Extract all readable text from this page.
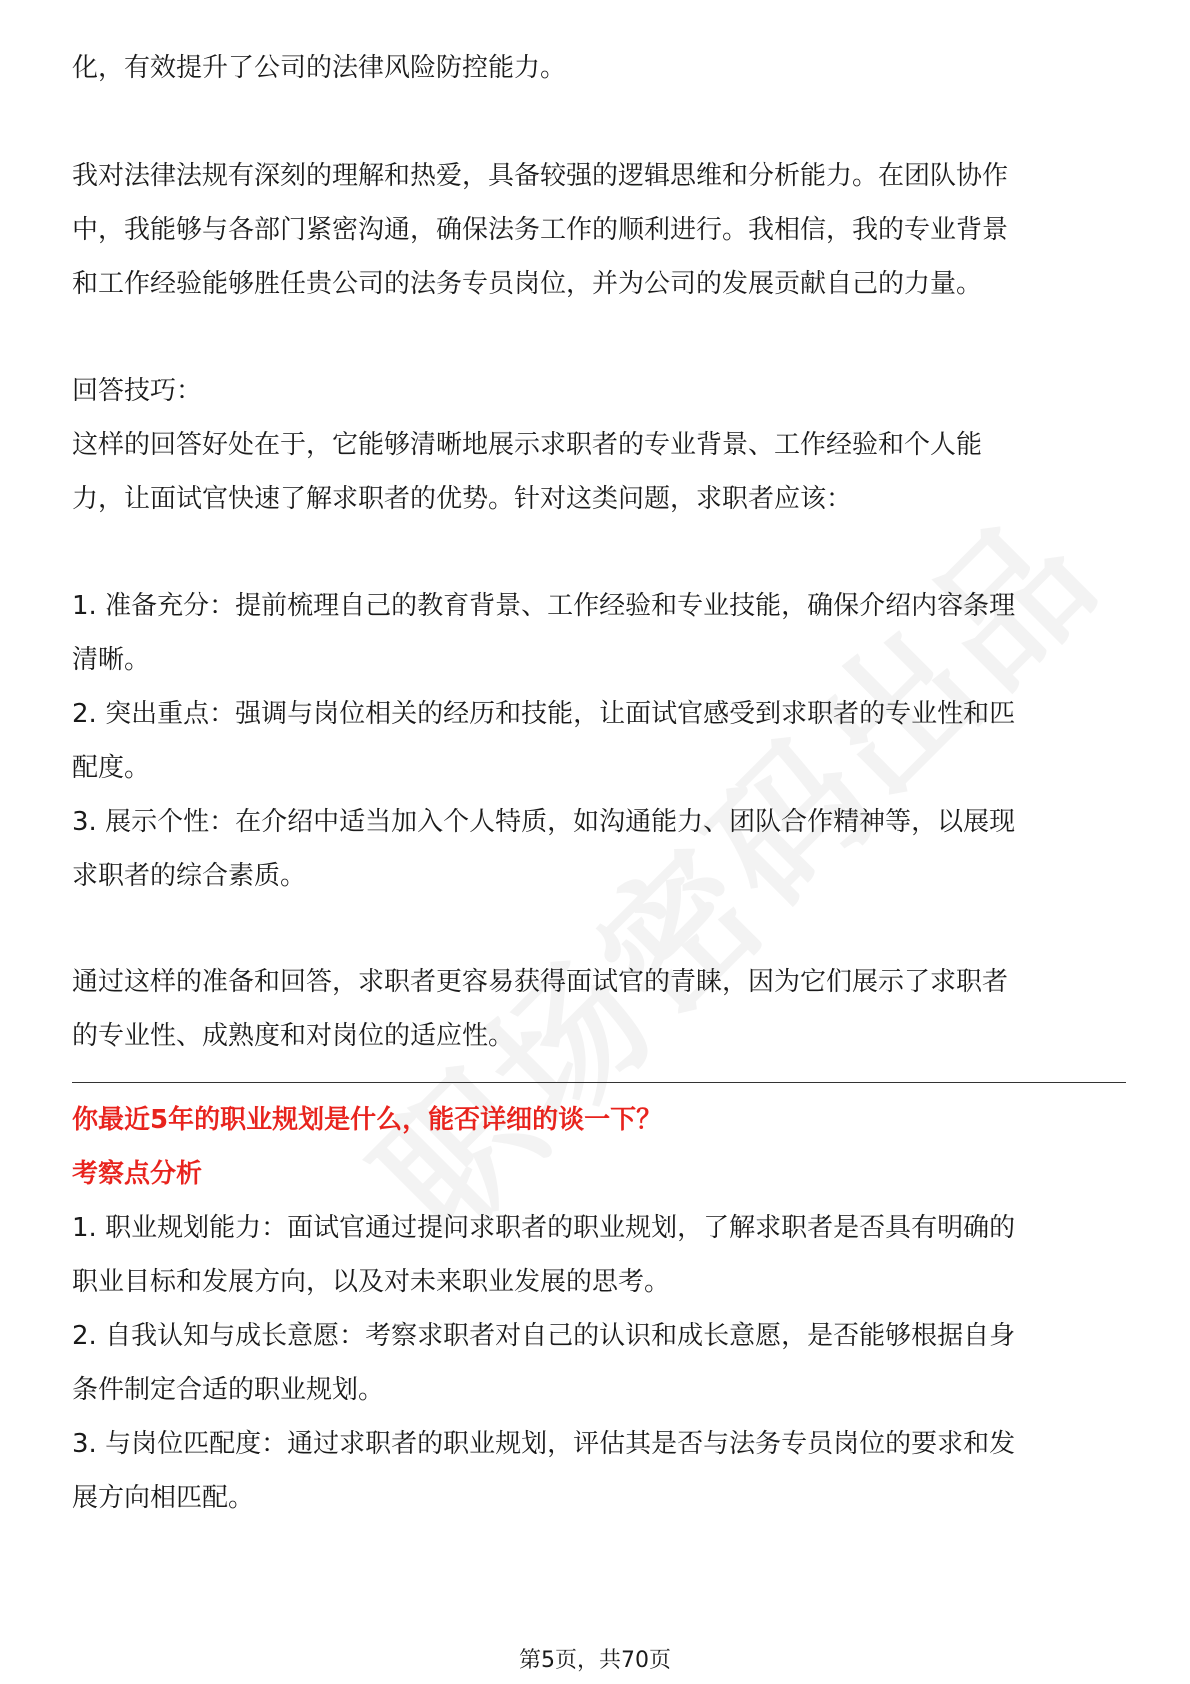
化，有效提升了公司的法律风险防控能力。
我对法律法规有深刻的理解和热爱，具备较强的逻辑思维和分析能力。在团队协作
中，我能够与各部门紧密沟通，确保法务工作的顺利进行。我相信，我的专业背景
和工作经验能够胜任贵公司的法务专员岗位，并为公司的发展贡献自己的力量。
回答技巧：
这样的回答好处在于，它能够清晰地展示求职者的专业背景、工作经验和个人能
力，让面试官快速了解求职者的优势。针对这类问题，求职者应该：
1. 准备充分：提前梳理自己的教育背景、工作经验和专业技能，确保介绍内容条理
清晰。
2. 突出重点：强调与岗位相关的经历和技能，让面试官感受到求职者的专业性和匹
配度。
3. 展示个性：在介绍中适当加入个人特质，如沟通能力、团队合作精神等，以展现
求职者的综合素质。
通过这样的准备和回答，求职者更容易获得面试官的青睐，因为它们展示了求职者
的专业性、成熟度和对岗位的适应性。
你最近5年的职业规划是什么，能否详细的谈一下？
考察点分析
1. 职业规划能力：面试官通过提问求职者的职业规划，了解求职者是否具有明确的
职业目标和发展方向，以及对未来职业发展的思考。
2. 自我认知与成长意愿：考察求职者对自己的认识和成长意愿，是否能够根据自身
条件制定合适的职业规划。
3. 与岗位匹配度：通过求职者的职业规划，评估其是否与法务专员岗位的要求和发
展方向相匹配。
第5页，共70页
